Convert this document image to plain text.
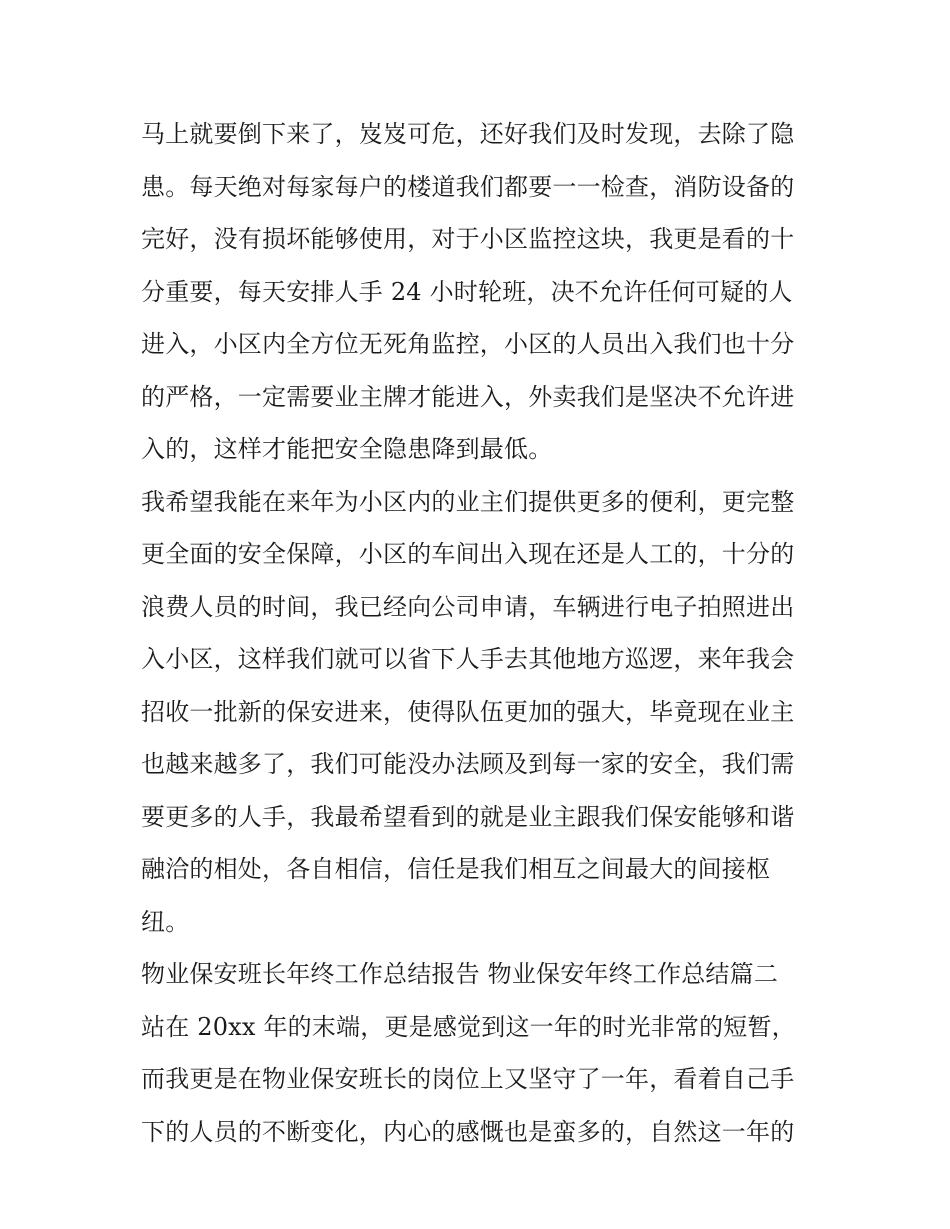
马上就要倒下来了，岌岌可危，还好我们及时发现，去除了隐
患。每天绝对每家每户的楼道我们都要一一检查，消防设备的
完好，没有损坏能够使用，对于小区监控这块，我更是看的十
分重要，每天安排人手 24 小时轮班，决不允许任何可疑的人
进入，小区内全方位无死角监控，小区的人员出入我们也十分
的严格，一定需要业主牌才能进入，外卖我们是坚决不允许进
入的，这样才能把安全隐患降到最低。
我希望我能在来年为小区内的业主们提供更多的便利，更完整
更全面的安全保障，小区的车间出入现在还是人工的，十分的
浪费人员的时间，我已经向公司申请，车辆进行电子拍照进出
入小区，这样我们就可以省下人手去其他地方巡逻，来年我会
招收一批新的保安进来，使得队伍更加的强大，毕竟现在业主
也越来越多了，我们可能没办法顾及到每一家的安全，我们需
要更多的人手，我最希望看到的就是业主跟我们保安能够和谐
融洽的相处，各自相信，信任是我们相互之间最大的间接枢
纽。
物业保安班长年终工作总结报告 物业保安年终工作总结篇二
站在 20xx 年的末端，更是感觉到这一年的时光非常的短暂，
而我更是在物业保安班长的岗位上又坚守了一年，看着自己手
下的人员的不断变化，内心的感慨也是蛮多的，自然这一年的
